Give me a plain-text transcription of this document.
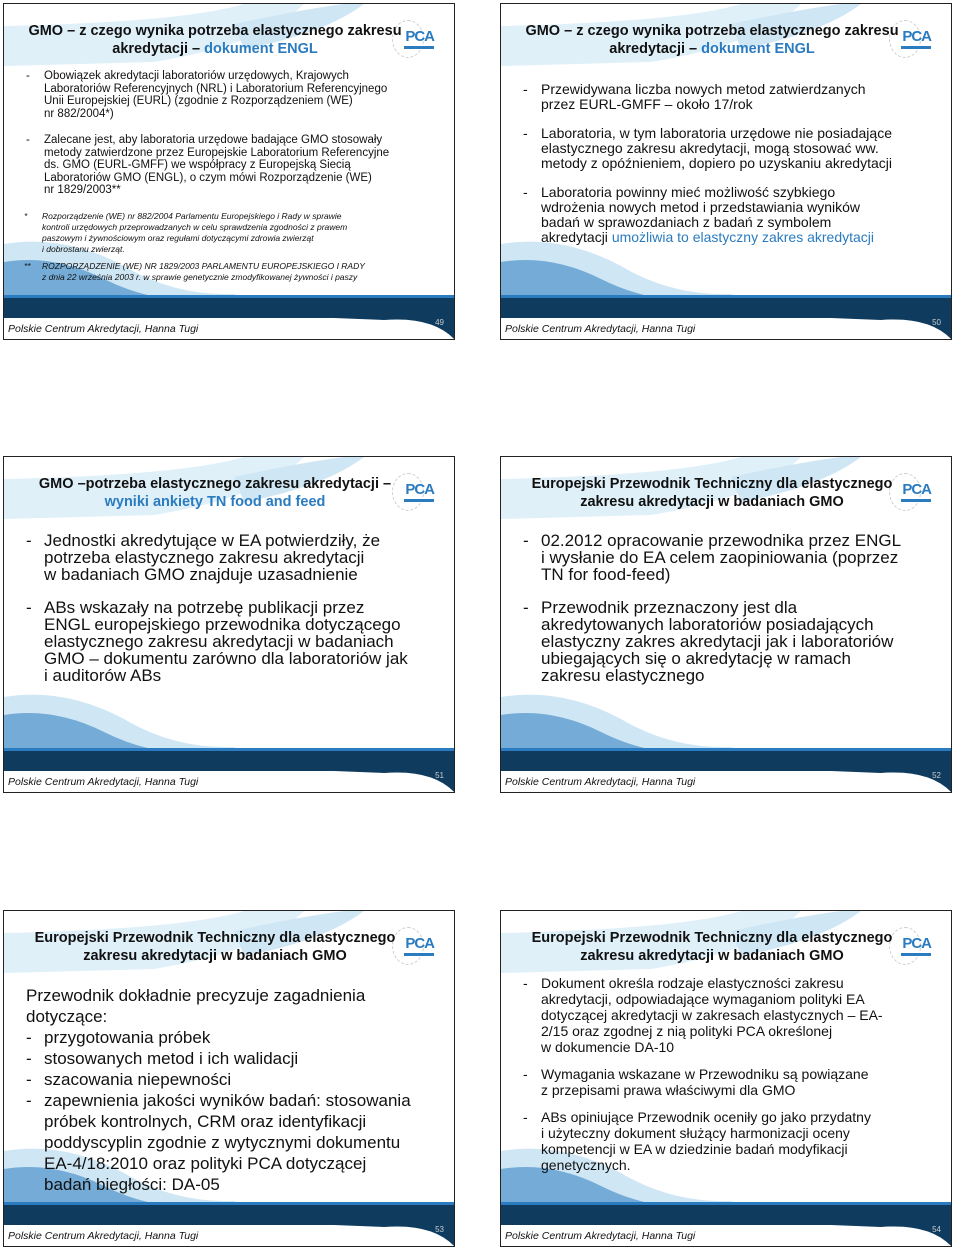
PCA
GMO – z czego wynika potrzeba elastycznego zakresu
akredytacji – dokument ENGL
-	Obowiązek akredytacji laboratoriów urzędowych, Krajowych
Laboratoriów Referencyjnych (NRL) i Laboratorium Referencyjnego
Unii Europejskiej (EURL) (zgodnie z Rozporządzeniem (WE)
nr 882/2004*)
-	Zalecane jest, aby laboratoria urzędowe badające GMO stosowały
metody zatwierdzone przez Europejskie Laboratorium Referencyjne
ds. GMO (EURL-GMFF) we współpracy z Europejską Siecią
Laboratoriów GMO (ENGL), o czym mówi Rozporządzenie (WE)
nr 1829/2003**
*	Rozporządzenie (WE) nr 882/2004 Parlamentu Europejskiego i Rady w sprawie
kontroli urzędowych przeprowadzanych w celu sprawdzenia zgodności z prawem
paszowym i żywnościowym oraz regułami dotyczącymi zdrowia zwierząt
i dobrostanu zwierząt.
**	ROZPORZĄDZENIE (WE) NR 1829/2003 PARLAMENTU EUROPEJSKIEGO I RADY
z dnia 22 września 2003 r. w sprawie genetycznie zmodyfikowanej żywności i paszy
Polskie Centrum Akredytacji, Hanna Tugi
49
PCA
GMO – z czego wynika potrzeba elastycznego zakresu
akredytacji – dokument ENGL
- Przewidywana liczba nowych metod zatwierdzanych
przez EURL-GMFF – około 17/rok
- Laboratoria, w tym laboratoria urzędowe nie posiadające
elastycznego zakresu akredytacji, mogą stosować ww.
metody z opóźnieniem, dopiero po uzyskaniu akredytacji
- Laboratoria powinny mieć możliwość szybkiego
wdrożenia nowych metod i przedstawiania wyników
badań w sprawozdaniach z badań z symbolem
akredytacji umożliwia to elastyczny zakres akredytacji
Polskie Centrum Akredytacji, Hanna Tugi
50
PCA
GMO –potrzeba elastycznego zakresu akredytacji –
wyniki ankiety TN food and feed
- Jednostki akredytujące w EA potwierdziły, że
potrzeba elastycznego zakresu akredytacji
w badaniach GMO znajduje uzasadnienie
- ABs wskazały na potrzebę publikacji przez
ENGL europejskiego przewodnika dotyczącego
elastycznego zakresu akredytacji w badaniach
GMO – dokumentu zarówno dla laboratoriów jak
i auditorów ABs
Polskie Centrum Akredytacji, Hanna Tugi
51
PCA
Europejski Przewodnik Techniczny dla elastycznego
zakresu akredytacji w badaniach GMO
- 02.2012 opracowanie przewodnika przez ENGL
i wysłanie do EA celem zaopiniowania (poprzez
TN for food-feed)
- Przewodnik przeznaczony jest dla
akredytowanych laboratoriów posiadających
elastyczny zakres akredytacji jak i laboratoriów
ubiegających się o akredytację w ramach
zakresu elastycznego
Polskie Centrum Akredytacji, Hanna Tugi
52
PCA
Europejski Przewodnik Techniczny dla elastycznego
zakresu akredytacji w badaniach GMO
Przewodnik dokładnie precyzuje zagadnienia
dotyczące:
- przygotowania próbek
- stosowanych metod i ich walidacji
- szacowania niepewności
- zapewnienia jakości wyników badań: stosowania
próbek kontrolnych, CRM oraz identyfikacji
poddyscyplin zgodnie z wytycznymi dokumentu
EA-4/18:2010 oraz polityki PCA dotyczącej
badań biegłości: DA-05
Polskie Centrum Akredytacji, Hanna Tugi
53
PCA
Europejski Przewodnik Techniczny dla elastycznego
zakresu akredytacji w badaniach GMO
- Dokument określa rodzaje elastyczności zakresu
akredytacji, odpowiadające wymaganiom polityki EA
dotyczącej akredytacji w zakresach elastycznych – EA-
2/15 oraz zgodnej z nią polityki PCA określonej
w dokumencie DA-10
- Wymagania wskazane w Przewodniku są powiązane
z przepisami prawa właściwymi dla GMO
- ABs opiniujące Przewodnik oceniły go jako przydatny
i użyteczny dokument służący harmonizacji oceny
kompetencji w EA w dziedzinie badań modyfikacji
genetycznych.
Polskie Centrum Akredytacji, Hanna Tugi
54
